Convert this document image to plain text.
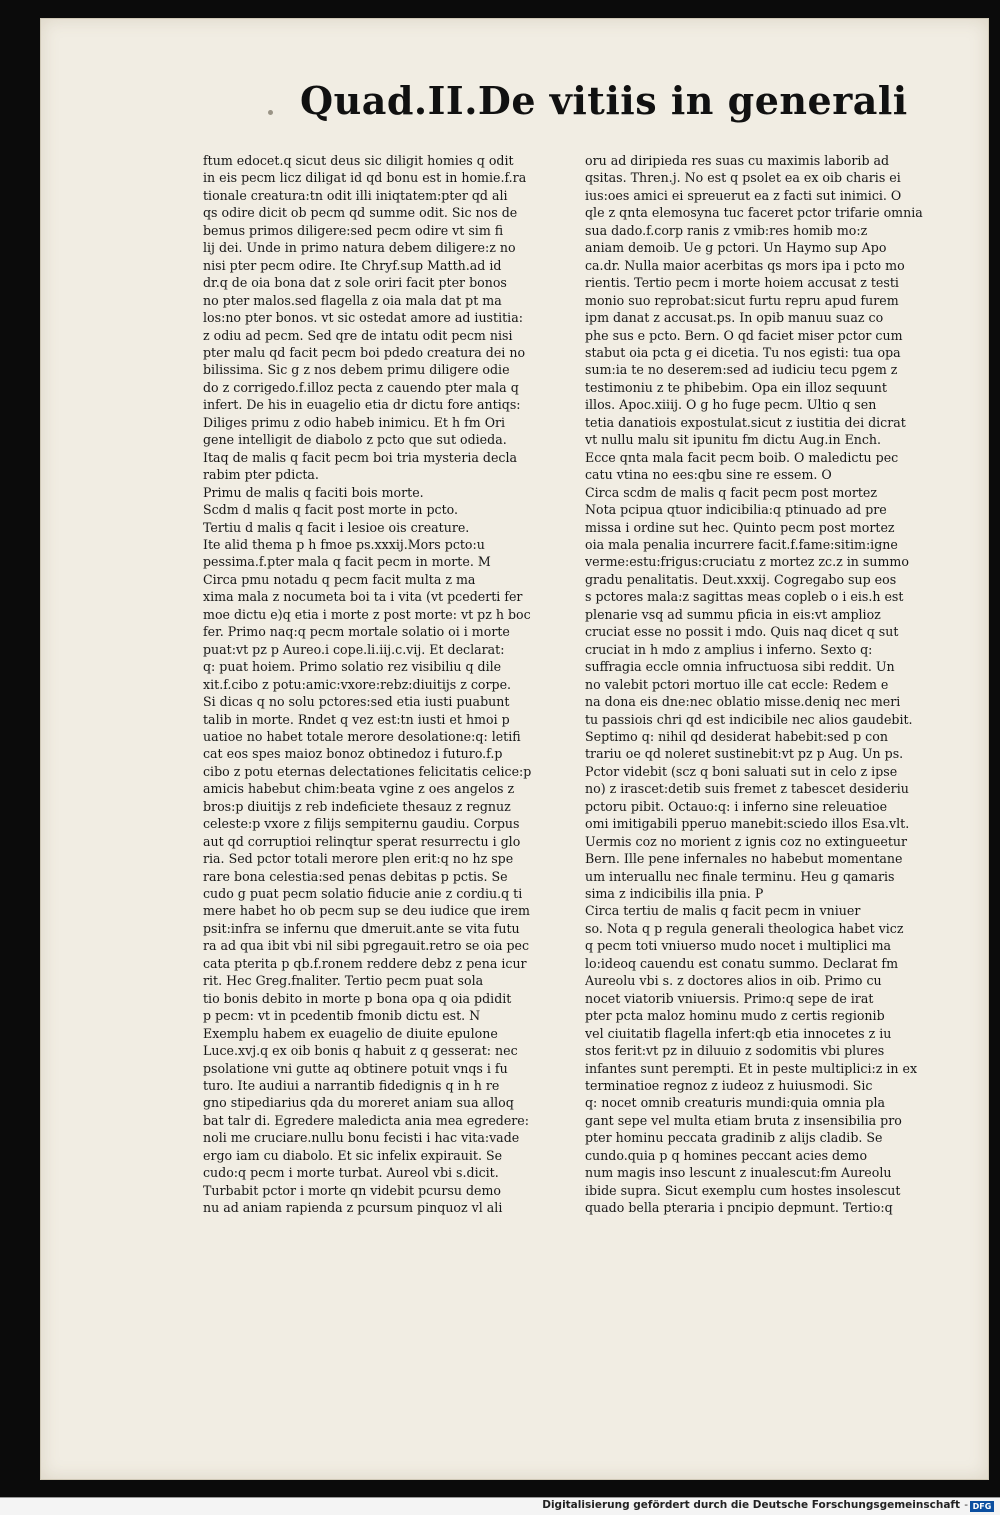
Quad.II.De vitiis in generali
ftum edocet.q sicut deus sic diligit homies q odit
in eis pecm licz diligat id qd bonu est in homie.f.ra
tionale creatura:tn odit illi iniqtatem:pter qd ali
qs odire dicit ob pecm qd summe odit. Sic nos de
bemus primos diligere:sed pecm odire vt sim fi
lij dei. Unde in primo natura debem diligere:z no
nisi pter pecm odire. Ite Chryf.sup Matth.ad id
dr.q de oia bona dat z sole oriri facit pter bonos
no pter malos.sed flagella z oia mala dat pt ma
los:no pter bonos. vt sic ostedat amore ad iustitia:
z odiu ad pecm. Sed qre de intatu odit pecm nisi
pter malu qd facit pecm boi pdedo creatura dei no
bilissima. Sic g z nos debem primu diligere odie
do z corrigedo.f.illoz pecta z cauendo pter mala q
infert. De his in euagelio etia dr dictu fore antiqs:
Diliges primu z odio habeb inimicu. Et h fm Ori
gene intelligit de diabolo z pcto que sut odieda.
Itaq de malis q facit pecm boi tria mysteria decla
rabim pter pdicta.
Primu de malis q faciti bois morte.
Scdm d malis q facit post morte in pcto.
Tertiu d malis q facit i lesioe ois creature.
Ite alid thema p h fmoe ps.xxxij.Mors pcto:u
pessima.f.pter mala q facit pecm in morte. M
Circa pmu notadu q pecm facit multa z ma
xima mala z nocumeta boi ta i vita (vt pcederti fer
moe dictu e)q etia i morte z post morte: vt pz h boc
fer. Primo naq:q pecm mortale solatio oi i morte
puat:vt pz p Aureo.i cope.li.iij.c.vij. Et declarat:
q: puat hoiem. Primo solatio rez visibiliu q dile
xit.f.cibo z potu:amic:vxore:rebz:diuitijs z corpe.
Si dicas q no solu pctores:sed etia iusti puabunt
talib in morte. Rndet q vez est:tn iusti et hmoi p
uatioe no habet totale merore desolatione:q: letifi
cat eos spes maioz bonoz obtinedoz i futuro.f.p
cibo z potu eternas delectationes felicitatis celice:p
amicis habebut chim:beata vgine z oes angelos z
bros:p diuitijs z reb indeficiete thesauz z regnuz
celeste:p vxore z filijs sempiternu gaudiu. Corpus
aut qd corruptioi relinqtur sperat resurrectu i glo
ria. Sed pctor totali merore plen erit:q no hz spe
rare bona celestia:sed penas debitas p pctis. Se
cudo g puat pecm solatio fiducie anie z cordiu.q ti
mere habet ho ob pecm sup se deu iudice que irem
psit:infra se infernu que dmeruit.ante se vita futu
ra ad qua ibit vbi nil sibi pgregauit.retro se oia pec
cata pterita p qb.f.ronem reddere debz z pena icur
rit. Hec Greg.fnaliter. Tertio pecm puat sola
tio bonis debito in morte p bona opa q oia pdidit
p pecm: vt in pcedentib fmonib dictu est. N
Exemplu habem ex euagelio de diuite epulone
Luce.xvj.q ex oib bonis q habuit z q gesserat: nec
psolatione vni gutte aq obtinere potuit vnqs i fu
turo. Ite audiui a narrantib fidedignis q in h re
gno stipediarius qda du moreret aniam sua alloq
bat talr di. Egredere maledicta ania mea egredere:
noli me cruciare.nullu bonu fecisti i hac vita:vade
ergo iam cu diabolo. Et sic infelix expirauit. Se
cudo:q pecm i morte turbat. Aureol vbi s.dicit.
Turbabit pctor i morte qn videbit pcursu demo
nu ad aniam rapienda z pcursum pinquoz vl ali
oru ad diripieda res suas cu maximis laborib ad
qsitas. Thren.j. No est q psolet ea ex oib charis ei
ius:oes amici ei spreuerut ea z facti sut inimici. O
qle z qnta elemosyna tuc faceret pctor trifarie omnia
sua dado.f.corp ranis z vmib:res homib mo:z
aniam demoib. Ue g pctori. Un Haymo sup Apo
ca.dr. Nulla maior acerbitas qs mors ipa i pcto mo
rientis. Tertio pecm i morte hoiem accusat z testi
monio suo reprobat:sicut furtu repru apud furem
ipm danat z accusat.ps. In opib manuu suaz co
phe sus e pcto. Bern. O qd faciet miser pctor cum
stabut oia pcta g ei dicetia. Tu nos egisti: tua opa
sum:ia te no deserem:sed ad iudiciu tecu pgem z
testimoniu z te phibebim. Opa ein illoz sequunt
illos. Apoc.xiiij. O g ho fuge pecm. Ultio q sen
tetia danatiois expostulat.sicut z iustitia dei dicrat
vt nullu malu sit ipunitu fm dictu Aug.in Ench.
Ecce qnta mala facit pecm boib. O maledictu pec
catu vtina no ees:qbu sine re essem. O
Circa scdm de malis q facit pecm post mortez
Nota pcipua qtuor indicibilia:q ptinuado ad pre
missa i ordine sut hec. Quinto pecm post mortez
oia mala penalia incurrere facit.f.fame:sitim:igne
verme:estu:frigus:cruciatu z mortez zc.z in summo
gradu penalitatis. Deut.xxxij. Cogregabo sup eos
s pctores mala:z sagittas meas copleb o i eis.h est
plenarie vsq ad summu pficia in eis:vt amplioz
cruciat esse no possit i mdo. Quis naq dicet q sut
cruciat in h mdo z amplius i inferno. Sexto q:
suffragia eccle omnia infructuosa sibi reddit. Un
no valebit pctori mortuo ille cat eccle: Redem e
na dona eis dne:nec oblatio misse.deniq nec meri
tu passiois chri qd est indicibile nec alios gaudebit.
Septimo q: nihil qd desiderat habebit:sed p con
trariu oe qd noleret sustinebit:vt pz p Aug. Un ps.
Pctor videbit (scz q boni saluati sut in celo z ipse
no) z irascet:detib suis fremet z tabescet desideriu
pctoru pibit. Octauo:q: i inferno sine releuatioe
omi imitigabili pperuo manebit:sciedo illos Esa.vlt.
Uermis coz no morient z ignis coz no extingueetur
Bern. Ille pene infernales no habebut momentane
um interuallu nec finale terminu. Heu g qamaris
sima z indicibilis illa pnia. P
Circa tertiu de malis q facit pecm in vniuer
so. Nota q p regula generali theologica habet vicz
q pecm toti vniuerso mudo nocet i multiplici ma
lo:ideoq cauendu est conatu summo. Declarat fm
Aureolu vbi s. z doctores alios in oib. Primo cu
nocet viatorib vniuersis. Primo:q sepe de irat
pter pcta maloz hominu mudo z certis regionib
vel ciuitatib flagella infert:qb etia innocetes z iu
stos ferit:vt pz in diluuio z sodomitis vbi plures
infantes sunt perempti. Et in peste multiplici:z in ex
terminatioe regnoz z iudeoz z huiusmodi. Sic
q: nocet omnib creaturis mundi:quia omnia pla
gant sepe vel multa etiam bruta z insensibilia pro
pter hominu peccata gradinib z alijs cladib. Se
cundo.quia p q homines peccant acies demo
num magis inso lescunt z inualescut:fm Aureolu
ibide supra. Sicut exemplu cum hostes insolescut
quado bella pteraria i pncipio depmunt. Tertio:q
Digitalisierung gefördert durch die Deutsche Forschungsgemeinschaft - DFG
